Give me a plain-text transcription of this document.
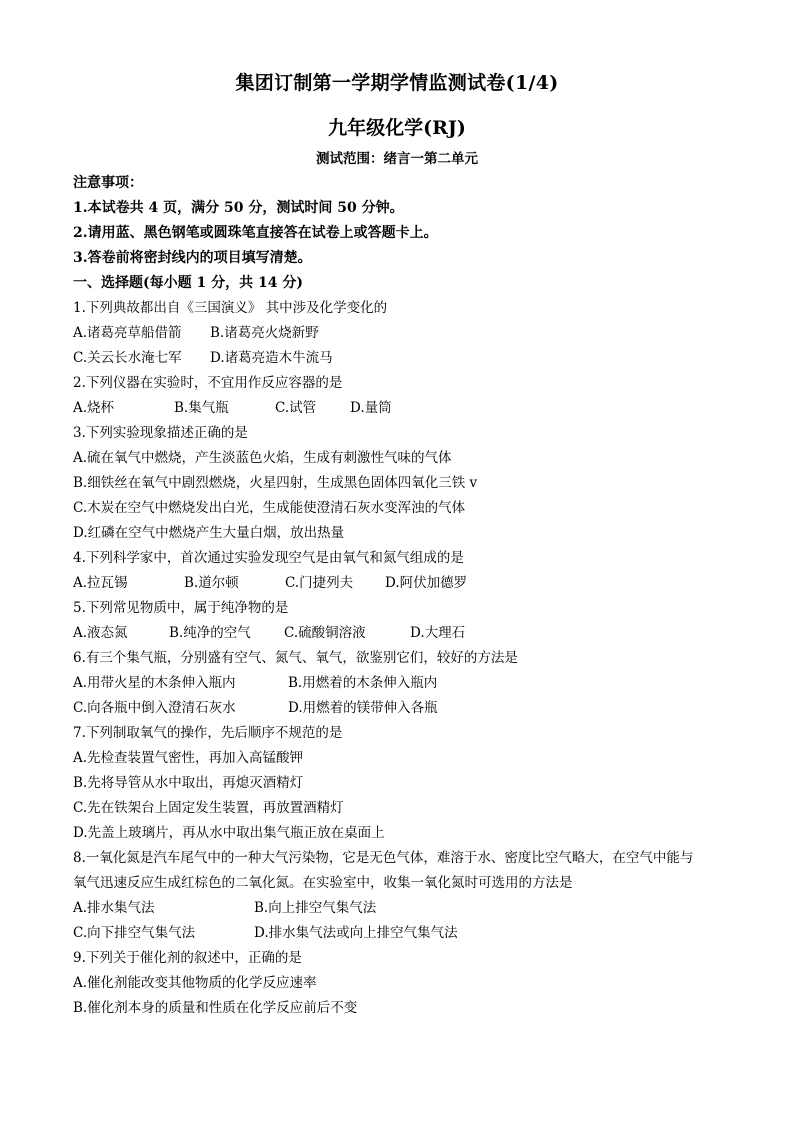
集团订制第一学期学情监测试卷(1/4)
九年级化学(RJ)
测试范围：绪言一第二单元
注意事项：
1.本试卷共 4 页，满分 50 分，测试时间 50 分钟。
2.请用蓝、黑色钢笔或圆珠笔直接答在试卷上或答题卡上。
3.答卷前将密封线内的项目填写清楚。
一、选择题(每小题 1 分，共 14 分)
1.下列典故都出自《三国演义》 其中涉及化学变化的
A.诸葛亮草船借箭 B.诸葛亮火烧新野
C.关云长水淹七军 D.诸葛亮造木牛流马
2.下列仪器在实验时，不宜用作反应容器的是
A.烧杯	B.集气瓶	C.试管	D.量筒
3.下列实验现象描述正确的是
A.硫在氧气中燃烧，产生淡蓝色火焰，生成有刺激性气味的气体
B.细铁丝在氧气中剧烈燃烧，火星四射，生成黑色固体四氧化三铁 v
C.木炭在空气中燃烧发出白光，生成能使澄清石灰水变浑浊的气体
D.红磷在空气中燃烧产生大量白烟，放出热量
4.下列科学家中，首次通过实验发现空气是由氧气和氮气组成的是
A.拉瓦锡	B.道尔顿	C.门捷列夫 D.阿伏加德罗
5.下列常见物质中，属于纯净物的是
A.液态氮	B.纯净的空气 C.硫酸铜溶液	D.大理石
6.有三个集气瓶，分别盛有空气、氮气、氧气，欲鉴别它们，较好的方法是
A.用带火星的木条伸入瓶内	B.用燃着的木条伸入瓶内
C.向各瓶中倒入澄清石灰水	D.用燃着的镁带伸入各瓶
7.下列制取氧气的操作，先后顺序不规范的是
A.先检查装置气密性，再加入高锰酸钾
B.先将导管从水中取出，再熄灭酒精灯
C.先在铁架台上固定发生装置，再放置酒精灯
D.先盖上玻璃片，再从水中取出集气瓶正放在桌面上
8.一氧化氮是汽车尾气中的一种大气污染物，它是无色气体，难溶于水、密度比空气略大，在空气中能与
氧气迅速反应生成红棕色的二氧化氮。在实验室中，收集一氧化氮时可选用的方法是
A.排水集气法	B.向上排空气集气法
C.向下排空气集气法	D.排水集气法或向上排空气集气法
9.下列关于催化剂的叙述中，正确的是
A.催化剂能改变其他物质的化学反应速率
B.催化剂本身的质量和性质在化学反应前后不变
